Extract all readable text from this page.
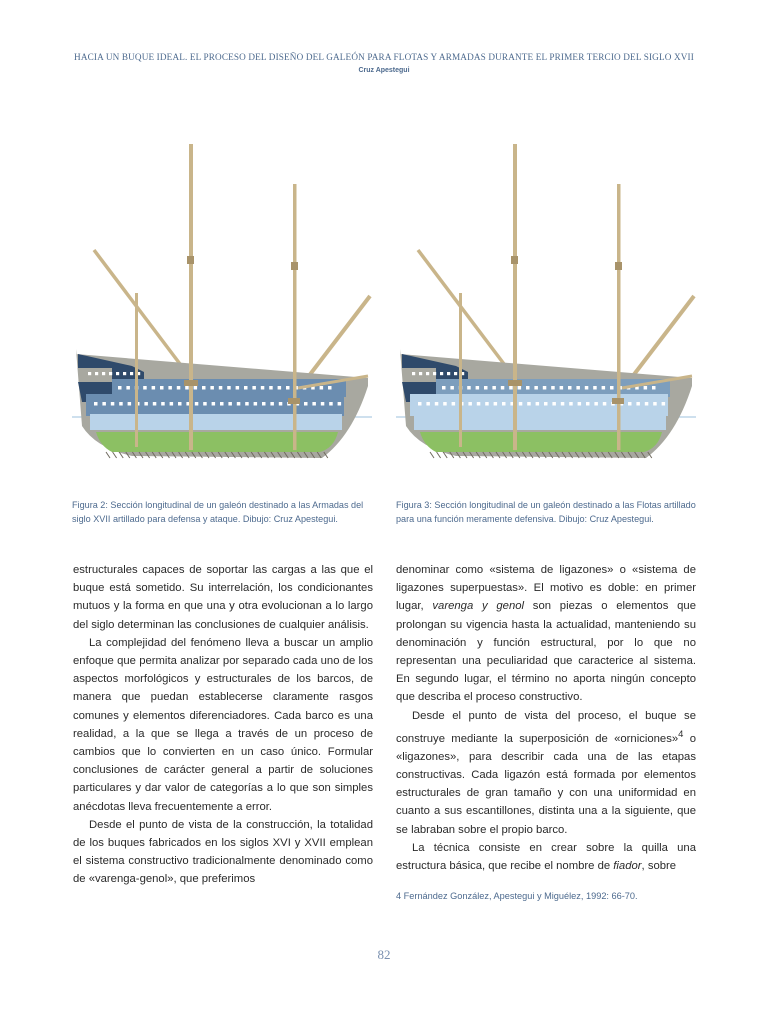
HACIA UN BUQUE IDEAL. EL PROCESO DEL DISEÑO DEL GALEÓN PARA FLOTAS Y ARMADAS DURANTE EL PRIMER TERCIO DEL SIGLO XVII
Cruz Apestegui
Figura 2: Sección longitudinal de un galeón destinado a las Armadas del siglo XVII artillado para defensa y ataque. Dibujo: Cruz Apestegui.
Figura 3: Sección longitudinal de un galeón destinado a las Flotas artillado para una función meramente defensiva. Dibujo: Cruz Apestegui.

estructurales capaces de soportar las cargas a las que el buque está sometido. Su interrelación, los condicionantes mutuos y la forma en que una y otra evolucionan a lo largo del siglo determinan las conclusiones de cualquier análisis.

La complejidad del fenómeno lleva a buscar un amplio enfoque que permita analizar por separado cada uno de los aspectos morfológicos y estructurales de los barcos, de manera que puedan establecerse claramente rasgos comunes y elementos diferenciadores. Cada barco es una realidad, a la que se llega a través de un proceso de cambios que lo convierten en un caso único. Formular conclusiones de carácter general a partir de soluciones particulares y dar valor de categorías a lo que son simples anécdotas lleva frecuentemente a error.

Desde el punto de vista de la construcción, la totalidad de los buques fabricados en los siglos XVI y XVII emplean el sistema constructivo tradicionalmente denominado como de «varenga-genol», que preferimos

denominar como «sistema de ligazones» o «sistema de ligazones superpuestas». El motivo es doble: en primer lugar, varenga y genol son piezas o elementos que prolongan su vigencia hasta la actualidad, manteniendo su denominación y función estructural, por lo que no representan una peculiaridad que caracterice al sistema. En segundo lugar, el término no aporta ningún concepto que describa el proceso constructivo.

Desde el punto de vista del proceso, el buque se construye mediante la superposición de «orniciones»$^4$ o «ligazones», para describir cada una de las etapas constructivas. Cada ligazón está formada por elementos estructurales de gran tamaño y con una uniformidad en cuanto a sus escantillones, distinta una a la siguiente, que se labraban sobre el propio barco.

La técnica consiste en crear sobre la quilla una estructura básica, que recibe el nombre de fiador, sobre

4 Fernández González, Apestegui y Miguélez, 1992: 66-70.
82
